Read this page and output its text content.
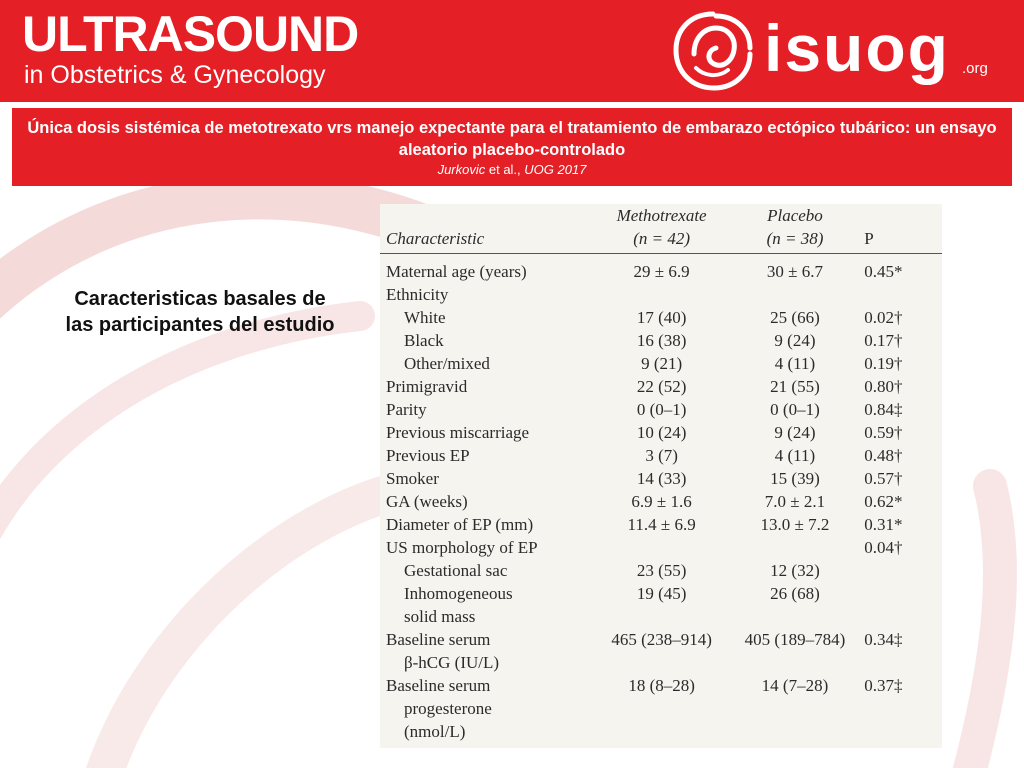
ULTRASOUND
in Obstetrics & Gynecology	isuog .org
Única dosis sistémica de metotrexato vrs manejo expectante para el tratamiento de embarazo ectópico tubárico: un ensayo aleatorio placebo-controlado
Jurkovic et al., UOG 2017
Caracteristicas basales de las participantes del estudio
	Methotrexate	Placebo	
Characteristic	(n = 42)	(n = 38)	P
Maternal age (years)	29 ± 6.9	30 ± 6.7	0.45*
Ethnicity			
White	17 (40)	25 (66)	0.02†
Black	16 (38)	9 (24)	0.17†
Other/mixed	9 (21)	4 (11)	0.19†
Primigravid	22 (52)	21 (55)	0.80†
Parity	0 (0–1)	0 (0–1)	0.84‡
Previous miscarriage	10 (24)	9 (24)	0.59†
Previous EP	3 (7)	4 (11)	0.48†
Smoker	14 (33)	15 (39)	0.57†
GA (weeks)	6.9 ± 1.6	7.0 ± 2.1	0.62*
Diameter of EP (mm)	11.4 ± 6.9	13.0 ± 7.2	0.31*
US morphology of EP			0.04†
Gestational sac	23 (55)	12 (32)	
Inhomogeneous	19 (45)	26 (68)	
solid mass			
Baseline serum	465 (238–914)	405 (189–784)	0.34‡
β-hCG (IU/L)			
Baseline serum	18 (8–28)	14 (7–28)	0.37‡
progesterone			
(nmol/L)			
